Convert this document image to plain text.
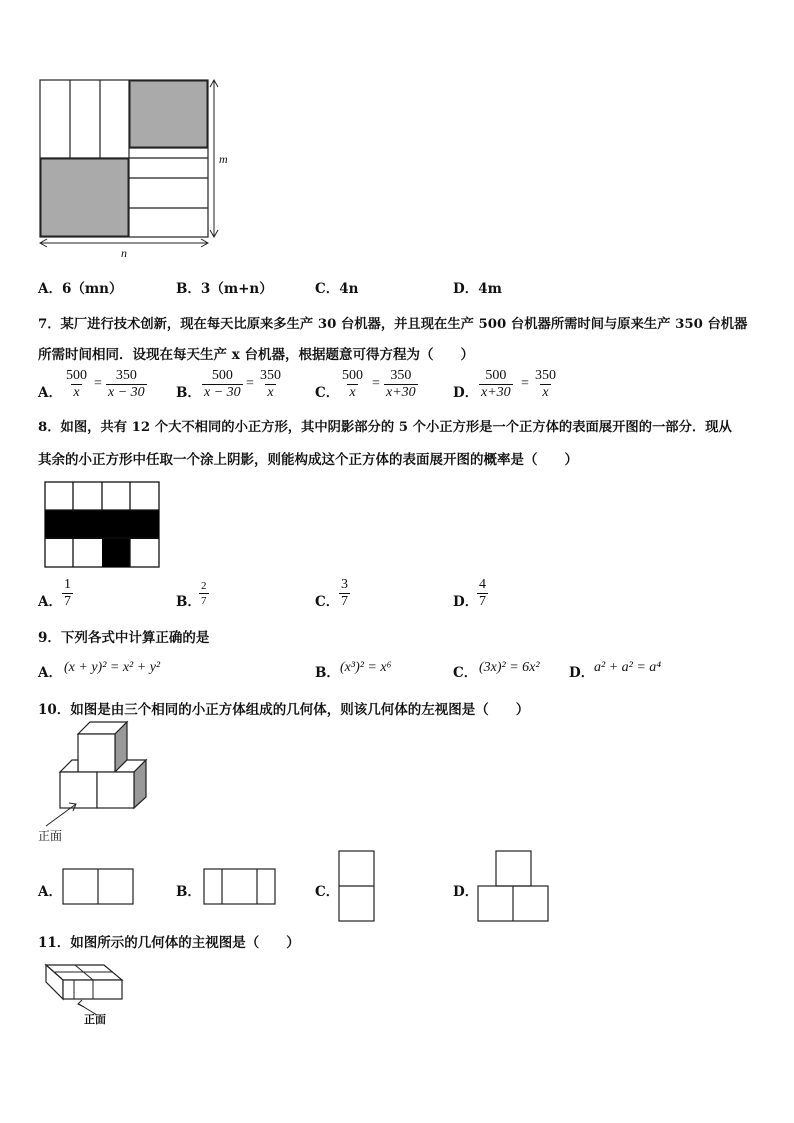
m
n
A．6（mn）	B．3（m+n）	C．4n	D．4m
7．某厂进行技术创新，现在每天比原来多生产 30 台机器，并且现在生产 500 台机器所需时间与原来生产 350 台机器
所需时间相同．设现在每天生产 x 台机器，根据题意可得方程为（　　）
A． $\frac{500}{x} = \frac{350}{x - 30}$ B． $\frac{500}{x - 30} = \frac{350}{x}$ C． $\frac{500}{x} = \frac{350}{x+30}$	D． $\frac{500}{x+30} = \frac{350}{x}$
8．如图，共有 12 个大不相同的小正方形，其中阴影部分的 5 个小正方形是一个正方体的表面展开图的一部分．现从
其余的小正方形中任取一个涂上阴影，则能构成这个正方体的表面展开图的概率是（　　）
A． $\frac{1}{7}$	B．
$\frac{2}{7}$	C． $\frac{3}{7}$	D．
$\frac{4}{7}$
9．下列各式中计算正确的是
A． (x + y)² = x² + y²	B． (x³)² = x⁶	C． (3x)² = 6x² D． a² + a² = a⁴
10．如图是由三个相同的小正方体组成的几何体，则该几何体的左视图是（　　）
正面
A．	B．	C．	D．
11．如图所示的几何体的主视图是（　　）
正面
